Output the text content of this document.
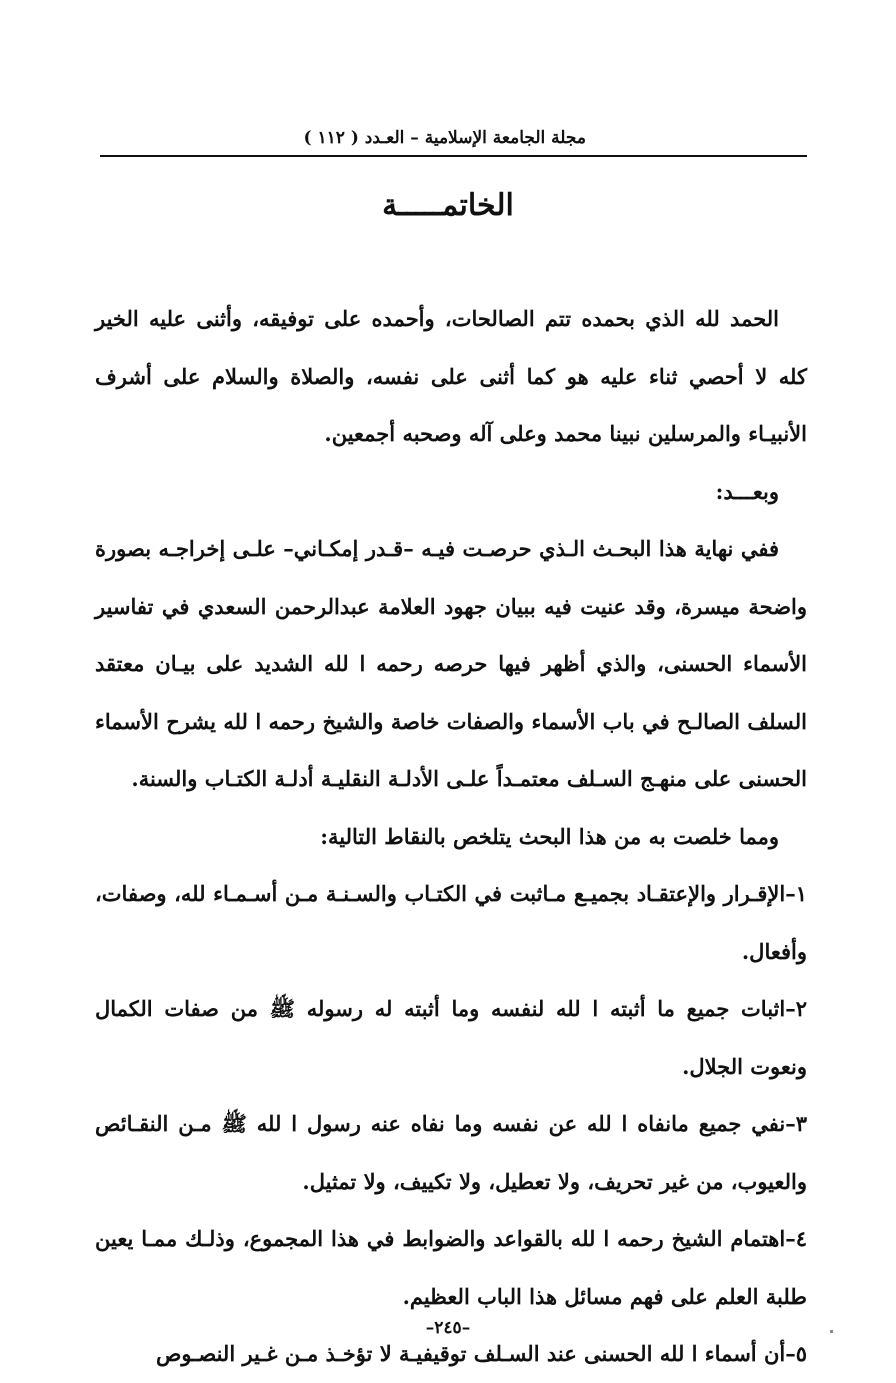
مجلة الجامعة الإسلامية – العـدد ( ١١٢ )
الخاتمـــــة

الحمد لله الذي بحمده تتم الصالحات، وأحمده على توفيقه، وأثنى عليه الخير كله لا أحصي ثناء عليه هو كما أثنى على نفسه، والصلاة والسلام على أشرف الأنبيـاء والمرسلين نبينا محمد وعلى آله وصحبه أجمعين.

وبعـــد:

ففي نهاية هذا البحـث الـذي حرصـت فيـه –قـدر إمكـاني– علـى إخراجـه بصورة واضحة ميسرة، وقد عنيت فيه ببيان جهود العلامة عبدالرحمن السعدي في تفاسير الأسماء الحسنى، والذي أظهر فيها حرصه رحمه ا لله الشديد على بيـان معتقد السلف الصالـح في باب الأسماء والصفات خاصة والشيخ رحمه ا لله يشرح الأسماء الحسنى على منهـج السـلف معتمـداً علـى الأدلـة النقليـة أدلـة الكتـاب والسنة.

ومما خلصت به من هذا البحث يتلخص بالنقاط التالية:

١–الإقـرار والإعتقـاد بجميـع مـاثبت في الكتـاب والسـنـة مـن أسـمـاء لله، وصفات، وأفعال.

٢–اثبات جميع ما أثبته ا لله لنفسه وما أثبته له رسوله ﷺ من صفات الكمال ونعوت الجلال.

٣–نفي جميع مانفاه ا لله عن نفسه وما نفاه عنه رسول ا لله ﷺ مـن النقـائص والعيوب، من غير تحريف، ولا تعطيل، ولا تكييف، ولا تمثيل.

٤–اهتمام الشيخ رحمه ا لله بالقواعد والضوابط في هذا المجموع، وذلـك ممـا يعين طلبة العلم على فهم مسائل هذا الباب العظيم.

٥–أن أسماء ا لله الحسنى عند السـلف توقيفيـة لا تؤخـذ مـن غـير النصـوص

–٢٤٥–
